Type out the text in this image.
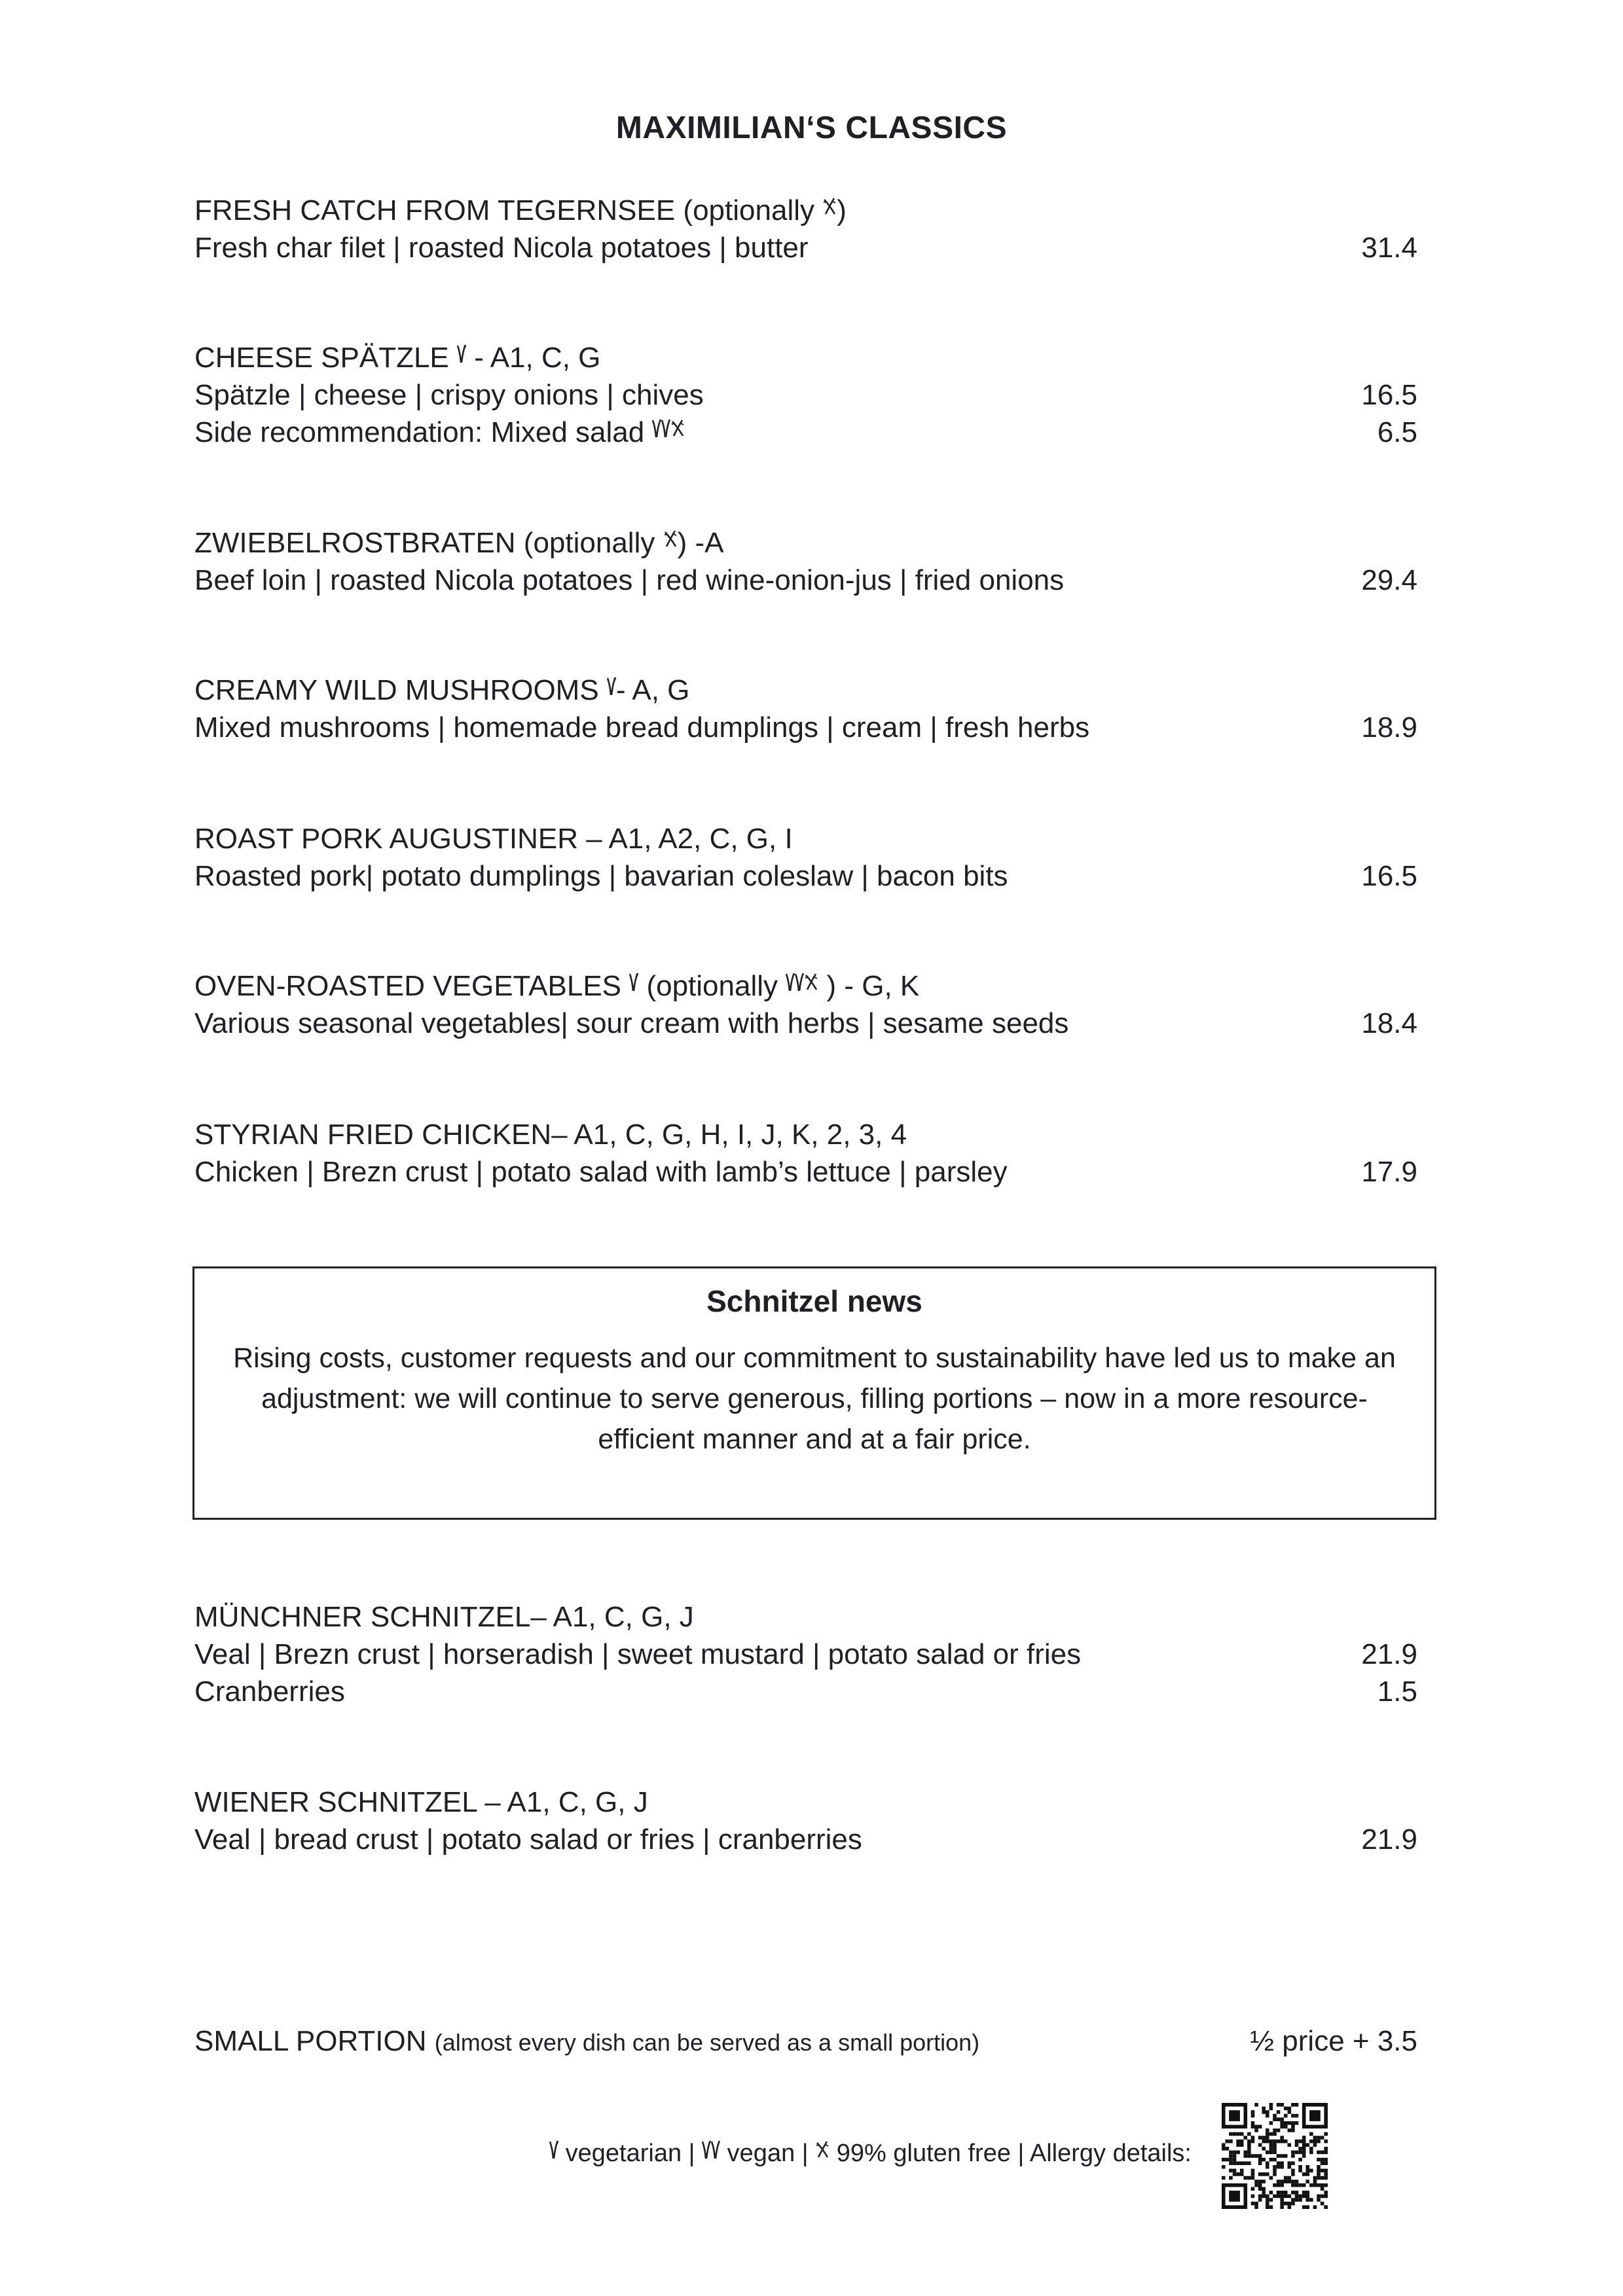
MAXIMILIAN‘S CLASSICS
FRESH CATCH FROM TEGERNSEE (optionally
)
Fresh char filet | roasted Nicola potatoes | butter	31.4
CHEESE SPÄTZLE
- A1, C, G
Spätzle | cheese | crispy onions | chives	16.5
Side recommendation: Mixed salad	6.5
ZWIEBELROSTBRATEN (optionally
) -A
Beef loin | roasted Nicola potatoes | red wine-onion-jus | fried onions	29.4
CREAMY WILD MUSHROOMS
- A, G
Mixed mushrooms | homemade bread dumplings | cream | fresh herbs	18.9
ROAST PORK AUGUSTINER – A1, A2, C, G, I
Roasted pork| potato dumplings | bavarian coleslaw | bacon bits	16.5
OVEN-ROASTED VEGETABLES
(optionally
) - G, K
Various seasonal vegetables| sour cream with herbs | sesame seeds	18.4
STYRIAN FRIED CHICKEN– A1, C, G, H, I, J, K, 2, 3, 4
Chicken | Brezn crust | potato salad with lamb’s lettuce | parsley	17.9
MÜNCHNER SCHNITZEL– A1, C, G, J
Veal | Brezn crust | horseradish | sweet mustard | potato salad or fries	21.9
Cranberries	1.5
WIENER SCHNITZEL – A1, C, G, J
Veal | bread crust | potato salad or fries | cranberries	21.9
Schnitzel news

Rising costs, customer requests and our commitment to sustainability have led us to make an adjustment: we will continue to serve generous, filling portions – now in a more resource-efficient manner and at a fair price.

SMALL PORTION (almost every dish can be served as a small portion)	½ price + 3.5
vegetarian | vegan | 99% gluten free | Allergy details:
